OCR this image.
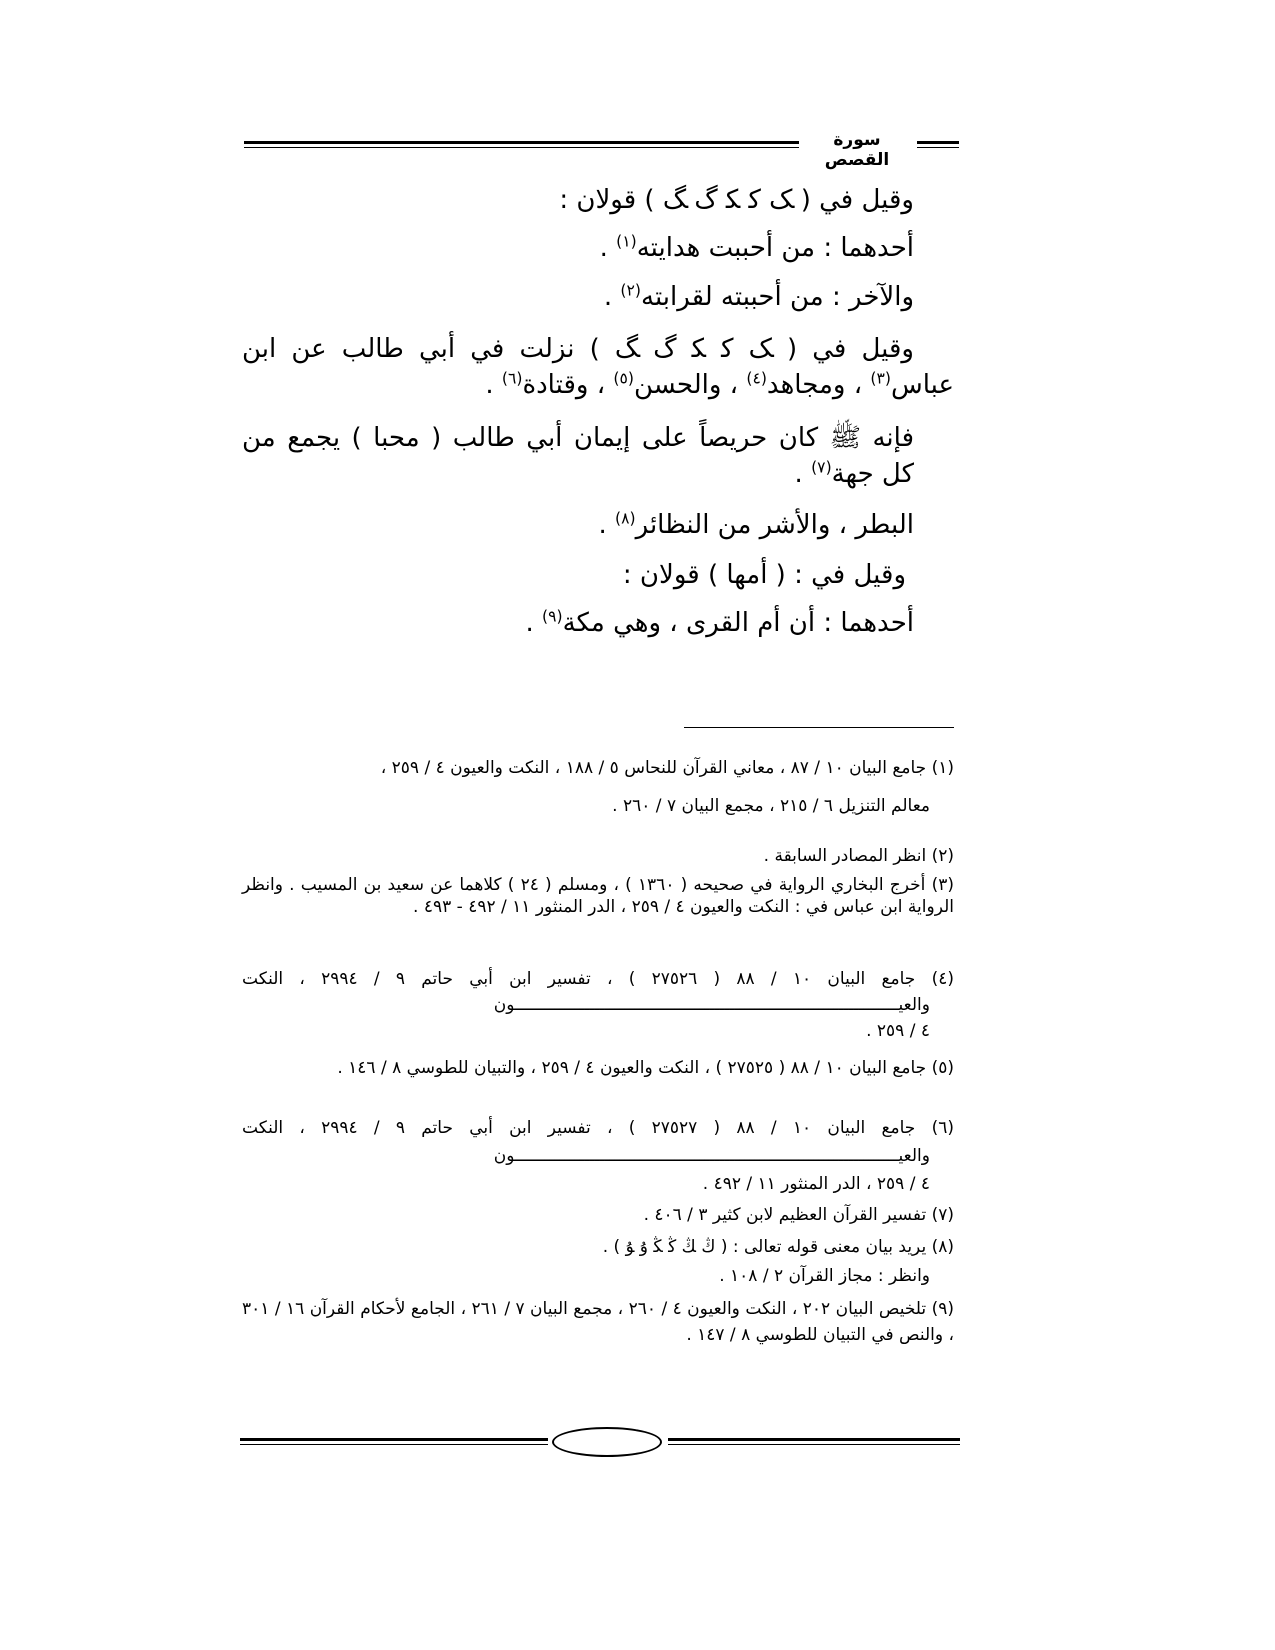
سورة القصص
وقيل في ( ﮏ ﮐ ﮑ ﮒ ﮓ ) قولان :
أحدهما : من أحببت هدايته$^{(١)}$ .
والآخر : من أحببته لقرابته$^{(٢)}$ .
وقيل في ( ﮏ ﮐ ﮑ ﮒ ﮓ ) نزلت في أبي طالب عن ابن
عباس$^{(٣)}$ ، ومجاهد$^{(٤)}$ ، والحسن$^{(٥)}$ ، وقتادة$^{(٦)}$ .
فإنه ﷺ كان حريصاً على إيمان أبي طالب ( محبا ) يجمع من كل جهة$^{(٧)}$ .
البطر ، والأشر من النظائر$^{(٨)}$ .
وقيل في : ( أمها ) قولان :
أحدهما : أن أم القرى ، وهي مكة$^{(٩)}$ .
(١) جامع البيان ١٠ / ٨٧ ، معاني القرآن للنحاس ٥ / ١٨٨ ، النكت والعيون ٤ / ٢٥٩ ،
معالم التنزيل ٦ / ٢١٥ ، مجمع البيان ٧ / ٢٦٠ .
(٢) انظر المصادر السابقة .
(٣) أخرج البخاري الرواية في صحيحه ( ١٣٦٠ ) ، ومسلم ( ٢٤ ) كلاهما عن سعيد بن المسيب . وانظر الرواية ابن عباس في : النكت والعيون ٤ / ٢٥٩ ، الدر المنثور ١١ / ٤٩٢ - ٤٩٣ .
(٤) جامع البيان ١٠ / ٨٨ ( ٢٧٥٢٦ ) ، تفسير ابن أبي حاتم ٩ / ٢٩٩٤ ، النكت
والعيـــــــــــــــــــــــــــــــــــــــــــــــــــــــــــــــــــــــــــــون
٤ / ٢٥٩ .
(٥) جامع البيان ١٠ / ٨٨ ( ٢٧٥٢٥ ) ، النكت والعيون ٤ / ٢٥٩ ، والتبيان للطوسي ٨ / ١٤٦ .
(٦) جامع البيان ١٠ / ٨٨ ( ٢٧٥٢٧ ) ، تفسير ابن أبي حاتم ٩ / ٢٩٩٤ ، النكت
والعيـــــــــــــــــــــــــــــــــــــــــــــــــــــــــــــــــــــــــــــون
٤ / ٢٥٩ ، الدر المنثور ١١ / ٤٩٢ .
(٧) تفسير القرآن العظيم لابن كثير ٣ / ٤٠٦ .
(٨) يريد بيان معنى قوله تعالى : ( ﯓ ﯔ ﯕ ﯖ ﯗ ﯘ ) .
وانظر : مجاز القرآن ٢ / ١٠٨ .
(٩) تلخيص البيان ٢٠٢ ، النكت والعيون ٤ / ٢٦٠ ، مجمع البيان ٧ / ٢٦١ ، الجامع لأحكام القرآن ١٦ / ٣٠١ ، والنص في التبيان للطوسي ٨ / ١٤٧ .
